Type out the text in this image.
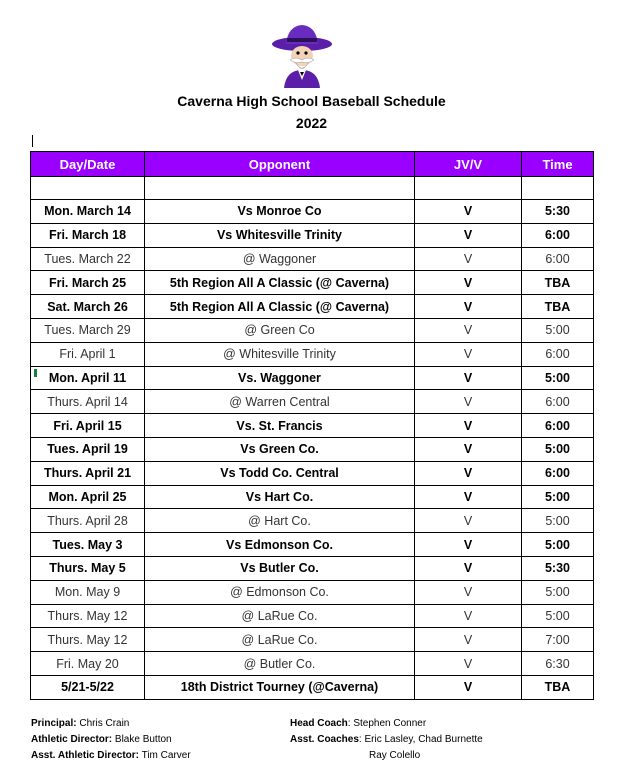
Caverna High School Baseball Schedule
2022
Day/Date	Opponent	JV/V	Time

Mon. March 14	Vs Monroe Co	V	5:30
Fri. March 18	Vs Whitesville Trinity	V	6:00
Tues. March 22	@ Waggoner	V	6:00
Fri. March 25	5th Region All A Classic (@ Caverna)	V	TBA
Sat. March 26	5th Region All A Classic (@ Caverna)	V	TBA
Tues. March 29	@ Green Co	V	5:00
Fri. April 1	@ Whitesville Trinity	V	6:00
Mon. April 11	Vs. Waggoner	V	5:00
Thurs. April 14	@ Warren Central	V	6:00
Fri. April 15	Vs. St. Francis	V	6:00
Tues. April 19	Vs Green Co.	V	5:00
Thurs. April 21	Vs Todd Co. Central	V	6:00
Mon. April 25	Vs Hart Co.	V	5:00
Thurs. April 28	@ Hart Co.	V	5:00
Tues. May 3	Vs Edmonson Co.	V	5:00
Thurs. May 5	Vs Butler Co.	V	5:30
Mon. May 9	@ Edmonson Co.	V	5:00
Thurs. May 12	@ LaRue Co.	V	5:00
Thurs. May 12	@ LaRue Co.	V	7:00
Fri. May 20	@ Butler Co.	V	6:30
5/21-5/22	18th District Tourney (@Caverna)	V	TBA
Principal: Chris Crain
Athletic Director: Blake Button
Asst. Athletic Director: Tim Carver
Head Coach: Stephen Conner
Asst. Coaches: Eric Lasley, Chad Burnette
Ray Colello
